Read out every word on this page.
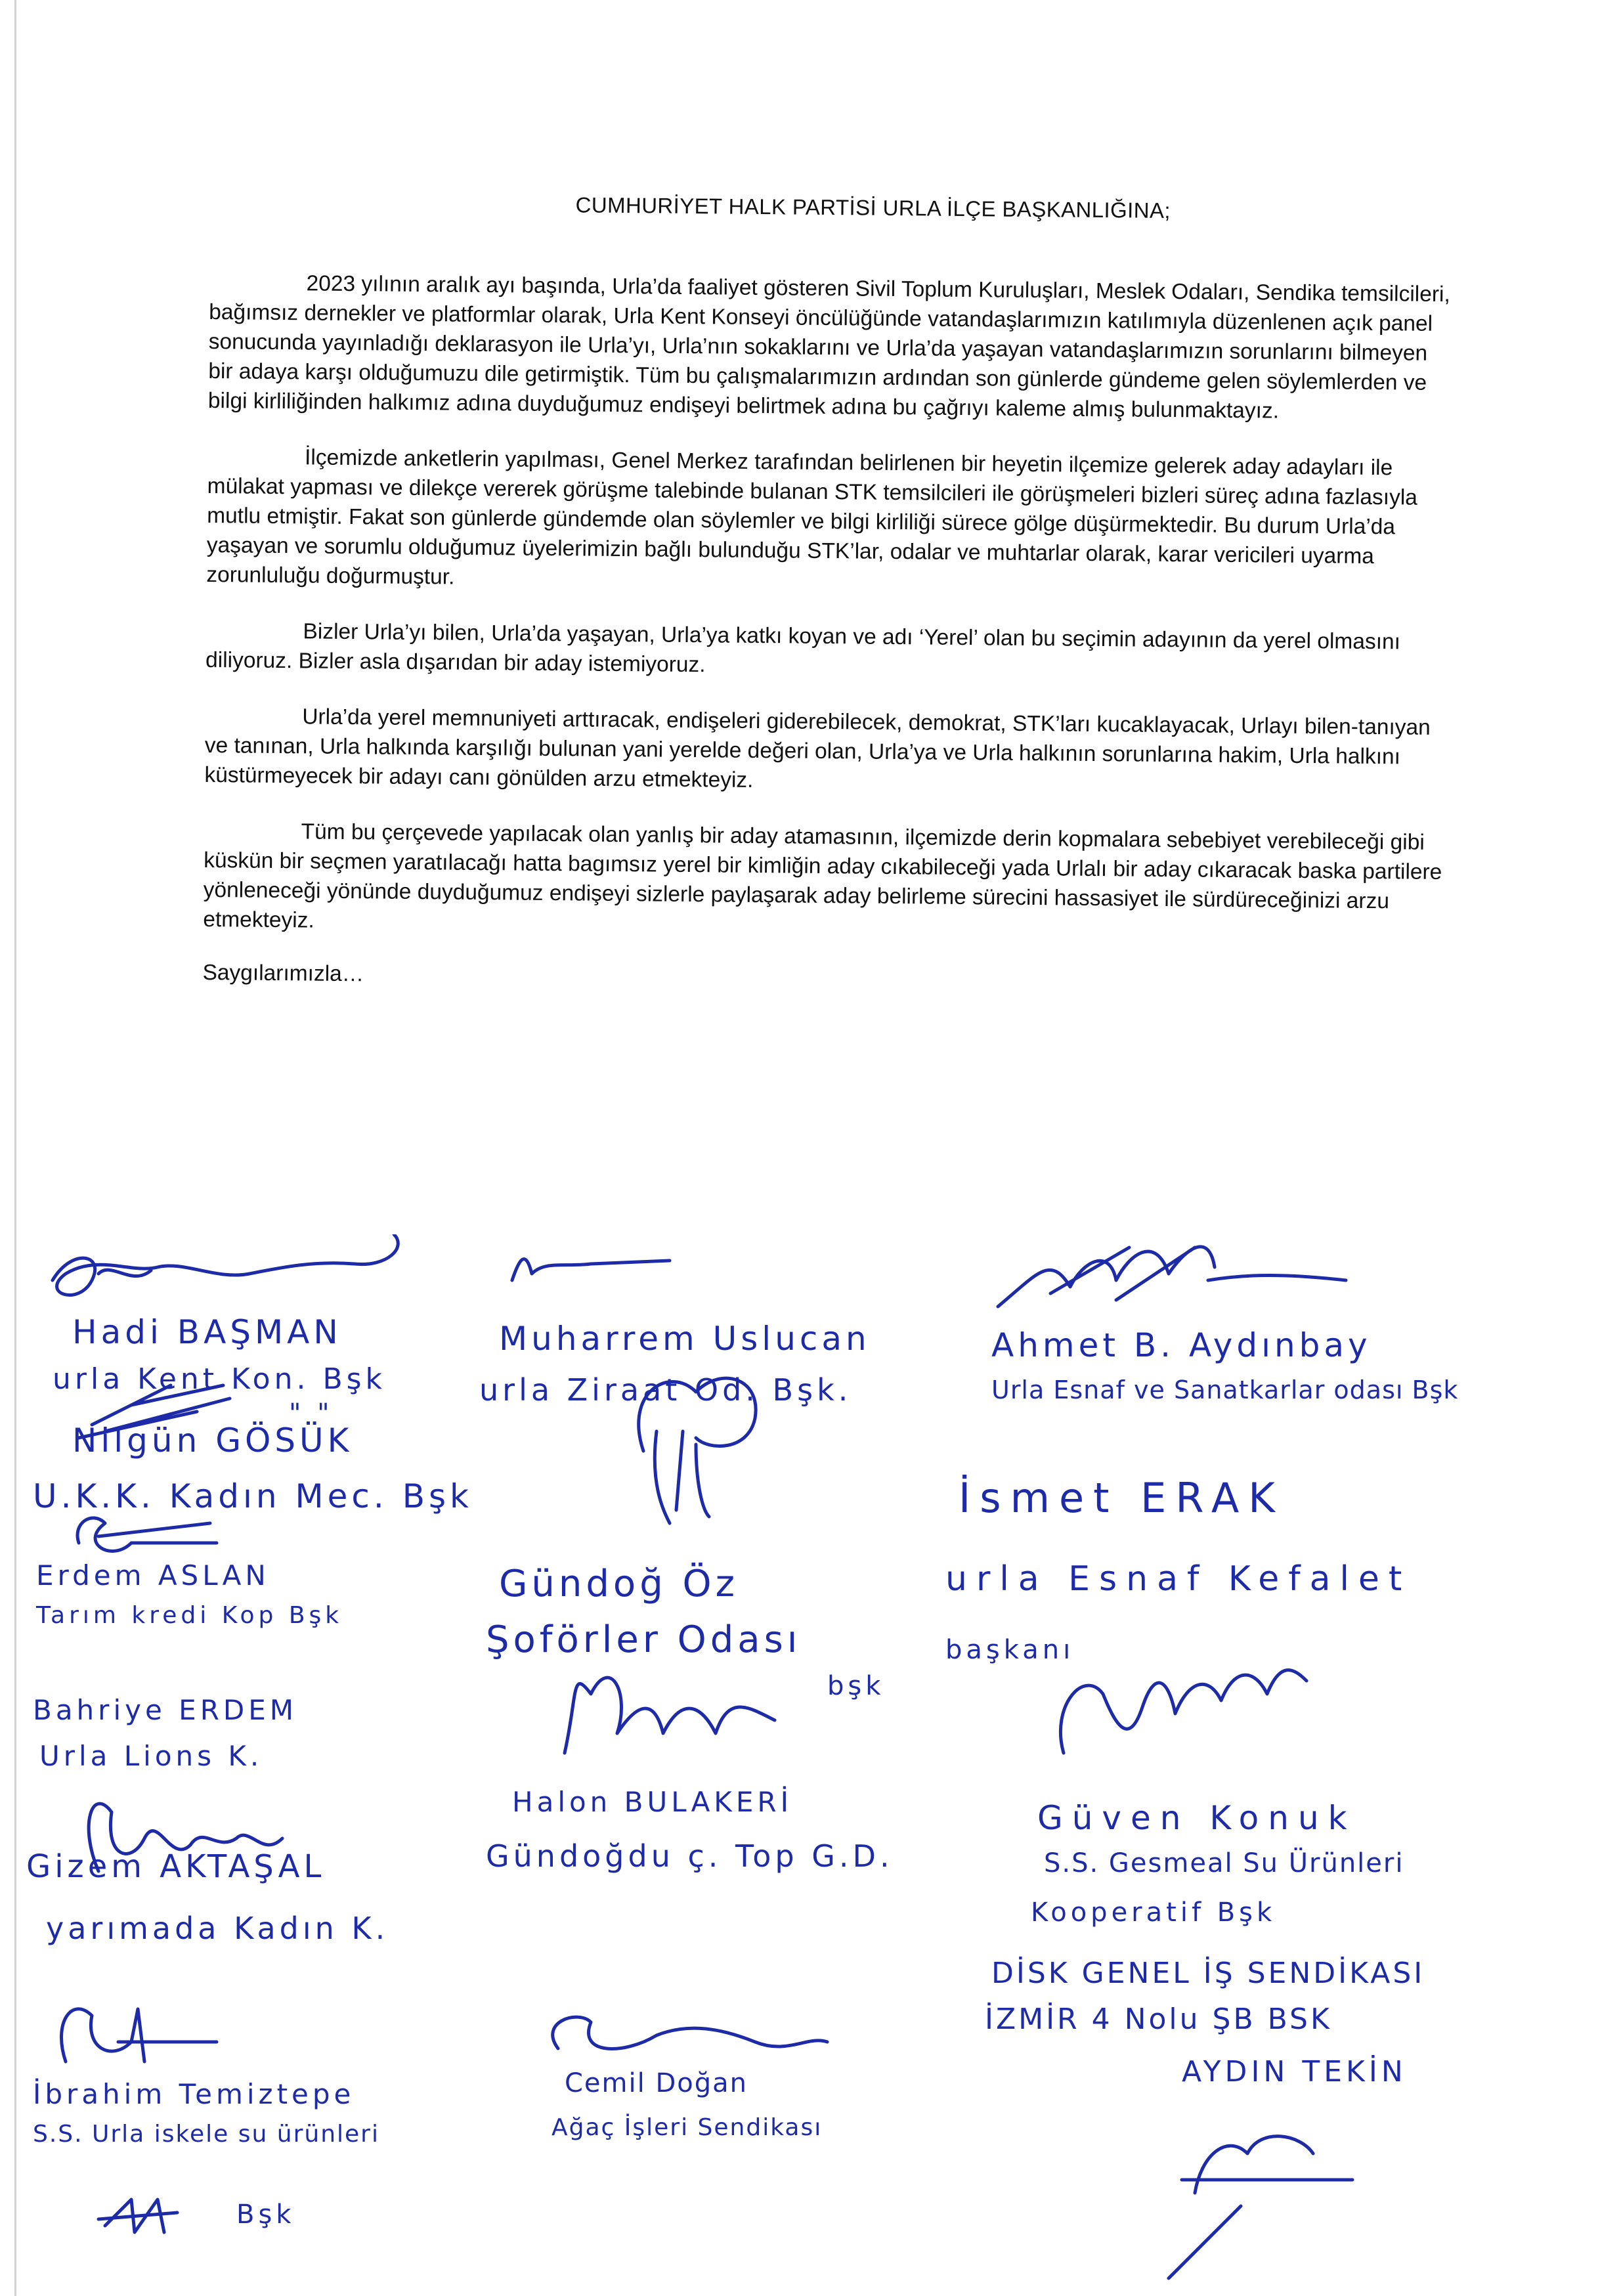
CUMHURİYET HALK PARTİSİ URLA İLÇE BAŞKANLIĞINA;

2023 yılının aralık ayı başında, Urla’da faaliyet gösteren Sivil Toplum Kuruluşları, Meslek Odaları, Sendika temsilcileri, bağımsız dernekler ve platformlar olarak, Urla Kent Konseyi öncülüğünde vatandaşlarımızın katılımıyla düzenlenen açık panel sonucunda yayınladığı deklarasyon ile Urla’yı, Urla’nın sokaklarını ve Urla’da yaşayan vatandaşlarımızın sorunlarını bilmeyen bir adaya karşı olduğumuzu dile getirmiştik. Tüm bu çalışmalarımızın ardından son günlerde gündeme gelen söylemlerden ve bilgi kirliliğinden halkımız adına duyduğumuz endişeyi belirtmek adına bu çağrıyı kaleme almış bulunmaktayız.

İlçemizde anketlerin yapılması, Genel Merkez tarafından belirlenen bir heyetin ilçemize gelerek aday adayları ile mülakat yapması ve dilekçe vererek görüşme talebinde bulanan STK temsilcileri ile görüşmeleri bizleri süreç adına fazlasıyla mutlu etmiştir. Fakat son günlerde gündemde olan söylemler ve bilgi kirliliği sürece gölge düşürmektedir. Bu durum Urla’da yaşayan ve sorumlu olduğumuz üyelerimizin bağlı bulunduğu STK’lar, odalar ve muhtarlar olarak, karar vericileri uyarma zorunluluğu doğurmuştur.

Bizler Urla’yı bilen, Urla’da yaşayan, Urla’ya katkı koyan ve adı ‘Yerel’ olan bu seçimin adayının da yerel olmasını diliyoruz. Bizler asla dışarıdan bir aday istemiyoruz.

Urla’da yerel memnuniyeti arttıracak, endişeleri giderebilecek, demokrat, STK’ları kucaklayacak, Urlayı bilen-tanıyan ve tanınan, Urla halkında karşılığı bulunan yani yerelde değeri olan, Urla’ya ve Urla halkının sorunlarına hakim, Urla halkını küstürmeyecek bir adayı canı gönülden arzu etmekteyiz.

Tüm bu çerçevede yapılacak olan yanlış bir aday atamasının, ilçemizde derin kopmalara sebebiyet verebileceği gibi küskün bir seçmen yaratılacağı hatta bagımsız yerel bir kimliğin aday cıkabileceği yada Urlalı bir aday cıkaracak baska partilere yönleneceği yönünde duyduğumuz endişeyi sizlerle paylaşarak aday belirleme sürecini hassasiyet ile sürdüreceğinizi arzu etmekteyiz.

Saygılarımızla…
Hadi BAŞMAN
urla Kent Kon. Bşk
Muharrem Uslucan
urla Ziraat Od. Bşk.
Ahmet B. Aydınbay
Urla Esnaf ve Sanatkarlar odası Bşk
" "
Nilgün GÖSÜK
U.K.K. Kadın Mec. Bşk	İsmet ERAK
urla Esnaf Kefalet
başkanı
Erdem ASLAN
Tarım kredi Kop Bşk
Gündoğ Öz
Şoförler Odası
bşk
Bahriye ERDEM
Urla Lions K.
Halon BULAKERİ
Gündoğdu ç. Top G.D.
Güven Konuk
S.S. Gesmeal Su Ürünleri
Kooperatif Bşk
Gizem AKTAŞAL
yarımada Kadın K.
DİSK GENEL İŞ SENDİKASI
İZMİR 4 Nolu ŞB BSK
AYDIN TEKİN
İbrahim Temiztepe
S.S. Urla iskele su ürünleri
Bşk
Cemil Doğan
Ağaç İşleri Sendikası
